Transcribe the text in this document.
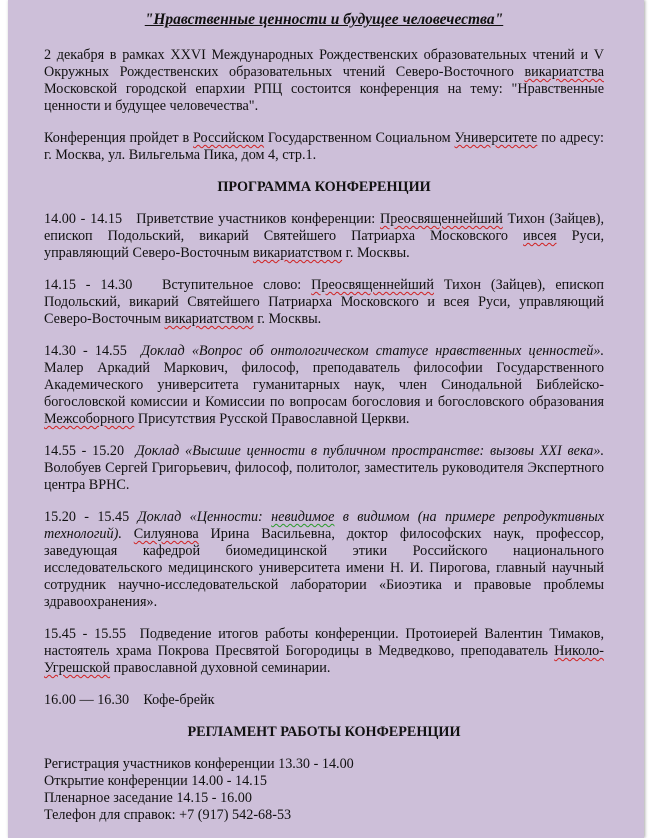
"Нравственные ценности и будущее человечества"

2 декабря в рамках XXVI Международных Рождественских образовательных чтений и V Окружных Рождественских образовательных чтений Северо-Восточного викариатства Московской городской епархии РПЦ состоится конференция на тему: "Нравственные ценности и будущее человечества".

Конференция пройдет в Российском Государственном Социальном Университете по адресу: г. Москва, ул. Вильгельма Пика, дом 4, стр.1.

ПРОГРАММА КОНФЕРЕНЦИИ

14.00 - 14.15 Приветствие участников конференции: Преосвященнейший Тихон (Зайцев), епископ Подольский, викарий Святейшего Патриарха Московского ивсея Руси, управляющий Северо-Восточным викариатством г. Москвы.

14.15 - 14.30 Вступительное слово: Преосвященнейший Тихон (Зайцев), епископ Подольский, викарий Святейшего Патриарха Московского и всея Руси, управляющий Северо-Восточным викариатством г. Москвы.

14.30 - 14.55 Доклад «Вопрос об онтологическом статусе нравственных ценностей». Малер Аркадий Маркович, философ, преподаватель философии Государственного Академического университета гуманитарных наук, член Синодальной Библейско-богословской комиссии и Комиссии по вопросам богословия и богословского образования Межсоборного Присутствия Русской Православной Церкви.

14.55 - 15.20 Доклад «Высшие ценности в публичном пространстве: вызовы XXI века». Волобуев Сергей Григорьевич, философ, политолог, заместитель руководителя Экспертного центра ВРНС.

15.20 - 15.45 Доклад «Ценности: невидимое в видимом (на примере репродуктивных технологий). Силуянова Ирина Васильевна, доктор философских наук, профессор, заведующая кафедрой биомедицинской этики Российского национального исследовательского медицинского университета имени Н. И. Пирогова, главный научный сотрудник научно-исследовательской лаборатории «Биоэтика и правовые проблемы здравоохранения».

15.45 - 15.55 Подведение итогов работы конференции. Протоиерей Валентин Тимаков, настоятель храма Покрова Пресвятой Богородицы в Медведково, преподаватель Николо-Угрешской православной духовной семинарии.

16.00 — 16.30 Кофе-брейк

РЕГЛАМЕНТ РАБОТЫ КОНФЕРЕНЦИИ
Регистрация участников конференции 13.30 - 14.00
Открытие конференции 14.00 - 14.15
Пленарное заседание 14.15 - 16.00
Телефон для справок: +7 (917) 542-68-53
